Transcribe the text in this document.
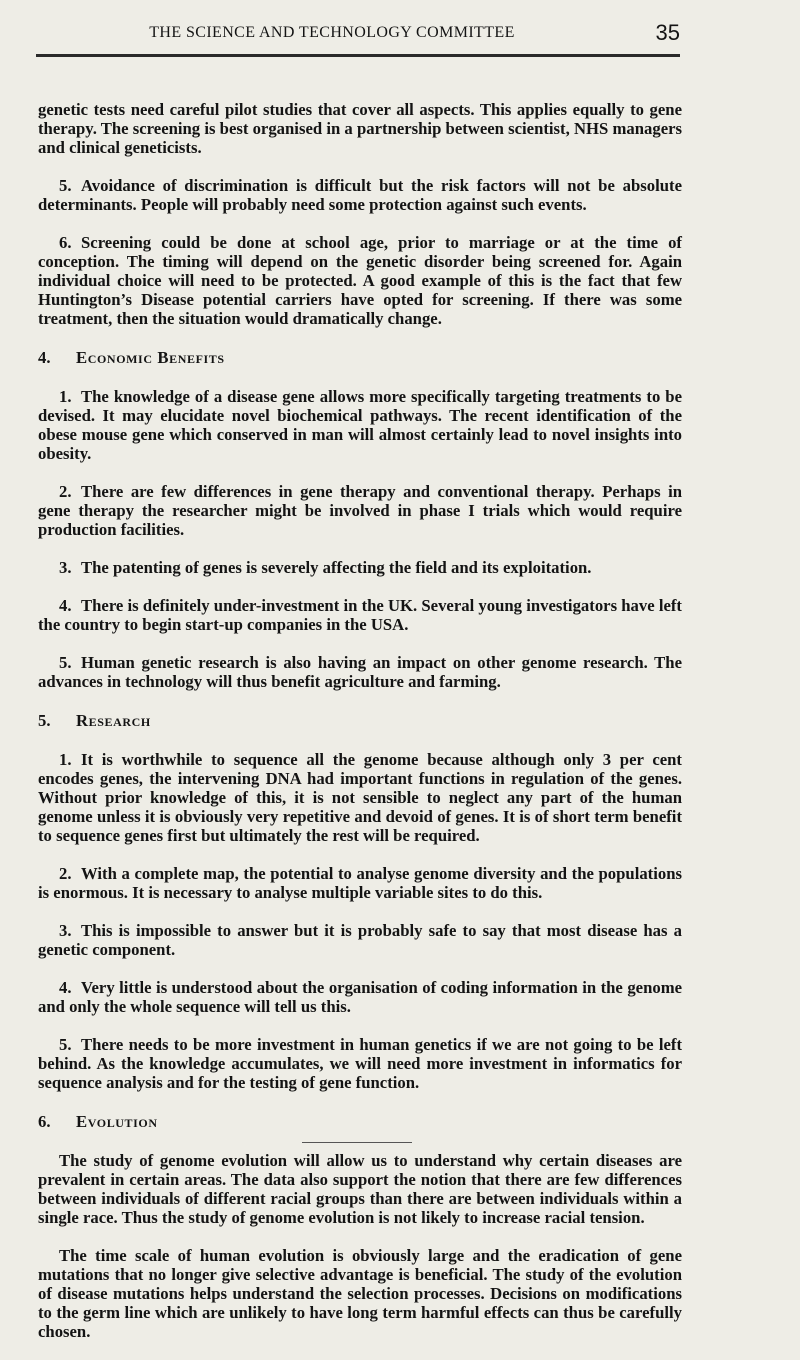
THE SCIENCE AND TECHNOLOGY COMMITTEE	35

genetic tests need careful pilot studies that cover all aspects. This applies equally to gene therapy. The screening is best organised in a partnership between scientist, NHS managers and clinical geneticists.

5. Avoidance of discrimination is difficult but the risk factors will not be absolute determinants. People will probably need some protection against such events.

6. Screening could be done at school age, prior to marriage or at the time of conception. The timing will depend on the genetic disorder being screened for. Again individual choice will need to be protected. A good example of this is the fact that few Huntington’s Disease potential carriers have opted for screening. If there was some treatment, then the situation would dramatically change.

4. Economic Benefits

1. The knowledge of a disease gene allows more specifically targeting treatments to be devised. It may elucidate novel biochemical pathways. The recent identification of the obese mouse gene which conserved in man will almost certainly lead to novel insights into obesity.

2. There are few differences in gene therapy and conventional therapy. Perhaps in gene therapy the researcher might be involved in phase I trials which would require production facilities.

3. The patenting of genes is severely affecting the field and its exploitation.

4. There is definitely under-investment in the UK. Several young investigators have left the country to begin start-up companies in the USA.

5. Human genetic research is also having an impact on other genome research. The advances in technology will thus benefit agriculture and farming.

5. Research

1. It is worthwhile to sequence all the genome because although only 3 per cent encodes genes, the intervening DNA had important functions in regulation of the genes. Without prior knowledge of this, it is not sensible to neglect any part of the human genome unless it is obviously very repetitive and devoid of genes. It is of short term benefit to sequence genes first but ultimately the rest will be required.

2. With a complete map, the potential to analyse genome diversity and the populations is enormous. It is necessary to analyse multiple variable sites to do this.

3. This is impossible to answer but it is probably safe to say that most disease has a genetic component.

4. Very little is understood about the organisation of coding information in the genome and only the whole sequence will tell us this.

5. There needs to be more investment in human genetics if we are not going to be left behind. As the knowledge accumulates, we will need more investment in informatics for sequence analysis and for the testing of gene function.

6. Evolution

The study of genome evolution will allow us to understand why certain diseases are prevalent in certain areas. The data also support the notion that there are few differences between individuals of different racial groups than there are between individuals within a single race. Thus the study of genome evolution is not likely to increase racial tension.

The time scale of human evolution is obviously large and the eradication of gene mutations that no longer give selective advantage is beneficial. The study of the evolution of disease mutations helps understand the selection processes. Decisions on modifications to the germ line which are unlikely to have long term harmful effects can thus be carefully chosen.
